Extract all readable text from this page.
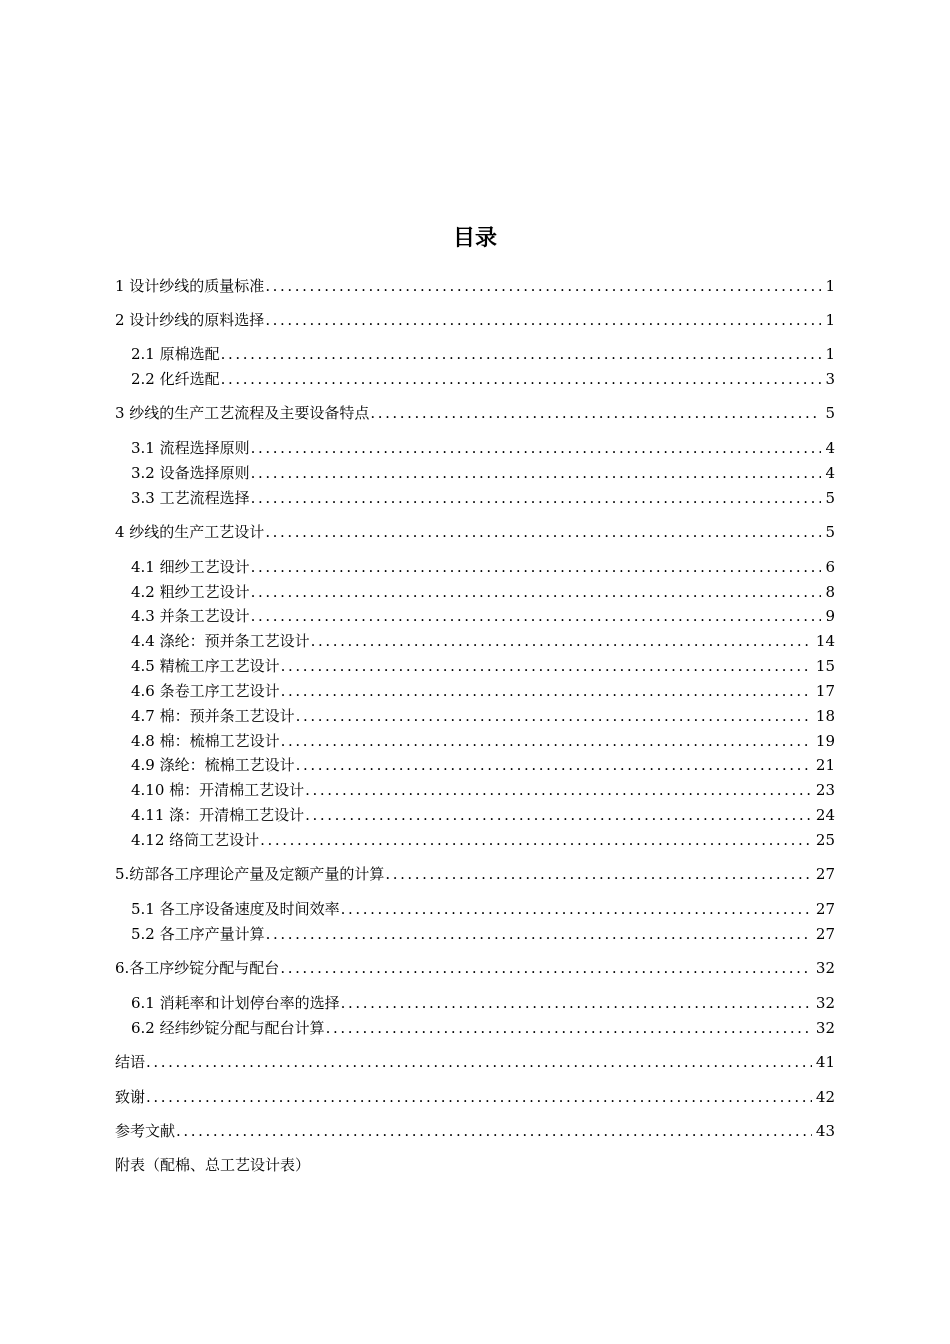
目录
1 设计纱线的质量标准 .....	1
2 设计纱线的原料选择 .....	1
2.1 原棉选配 .....	1
2.2 化纤选配 .....	3
3 纱线的生产工艺流程及主要设备特点 .....	5
3.1 流程选择原则 .....	4
3.2 设备选择原则 .....	4
3.3 工艺流程选择 .....	5
4 纱线的生产工艺设计 .....	5
4.1 细纱工艺设计 .....	6
4.2 粗纱工艺设计 .....	8
4.3 并条工艺设计 .....	9
4.4 涤纶：预并条工艺设计 .....	14
4.5 精梳工序工艺设计 .....	15
4.6 条卷工序工艺设计 .....	17
4.7 棉：预并条工艺设计 .....	18
4.8 棉：梳棉工艺设计 .....	19
4.9 涤纶：梳棉工艺设计 .....	21
4.10 棉：开清棉工艺设计 .....	23
4.11 涤：开清棉工艺设计 .....	24
4.12 络筒工艺设计 .....	25
5.纺部各工序理论产量及定额产量的计算 .....	27
5.1 各工序设备速度及时间效率 .....	27
5.2 各工序产量计算 .....	27
6.各工序纱锭分配与配台 .....	32
6.1 消耗率和计划停台率的选择 .....	32
6.2 经纬纱锭分配与配台计算 .....	32
结语 .....	41
致谢 .....	42
参考文献 .....	43
附表（配棉、总工艺设计表）
